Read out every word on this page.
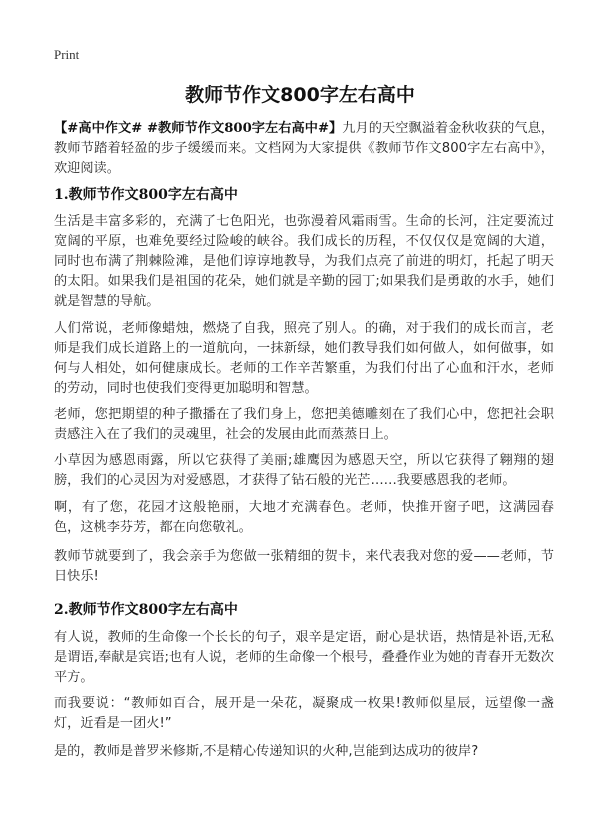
Print
教师节作文800字左右高中
【#高中作文# #教师节作文800字左右高中#】九月的天空飘溢着金秋收获的气息，教师节踏着轻盈的步子缓缓而来。文档网为大家提供《教师节作文800字左右高中》，欢迎阅读。
1.教师节作文800字左右高中
生活是丰富多彩的，充满了七色阳光，也弥漫着风霜雨雪。生命的长河，注定要流过宽阔的平原，也难免要经过险峻的峡谷。我们成长的历程，不仅仅仅是宽阔的大道，同时也布满了荆棘险滩，是他们谆谆地教导，为我们点亮了前进的明灯，托起了明天的太阳。如果我们是祖国的花朵，她们就是辛勤的园丁;如果我们是勇敢的水手，她们就是智慧的导航。
人们常说，老师像蜡烛，燃烧了自我，照亮了别人。的确，对于我们的成长而言，老师是我们成长道路上的一道航向，一抹新绿，她们教导我们如何做人，如何做事，如何与人相处，如何健康成长。老师的工作辛苦繁重，为我们付出了心血和汗水，老师的劳动，同时也使我们变得更加聪明和智慧。
老师，您把期望的种子撒播在了我们身上，您把美德雕刻在了我们心中，您把社会职责感注入在了我们的灵魂里，社会的发展由此而蒸蒸日上。
小草因为感恩雨露，所以它获得了美丽;雄鹰因为感恩天空，所以它获得了翱翔的翅膀，我们的心灵因为对爱感恩，才获得了钻石般的光芒……我要感恩我的老师。
啊，有了您，花园才这般艳丽，大地才充满春色。老师，快推开窗子吧，这满园春色，这桃李芬芳，都在向您敬礼。
教师节就要到了，我会亲手为您做一张精细的贺卡，来代表我对您的爱——老师，节日快乐!
2.教师节作文800字左右高中
有人说，教师的生命像一个长长的句子，艰辛是定语，耐心是状语，热情是补语,无私是谓语,奉献是宾语;也有人说，老师的生命像一个根号，叠叠作业为她的青春开无数次平方。
而我要说：“教师如百合，展开是一朵花，凝聚成一枚果!教师似星辰，远望像一盏灯，近看是一团火!”
是的，教师是普罗米修斯,不是精心传递知识的火种,岂能到达成功的彼岸?
